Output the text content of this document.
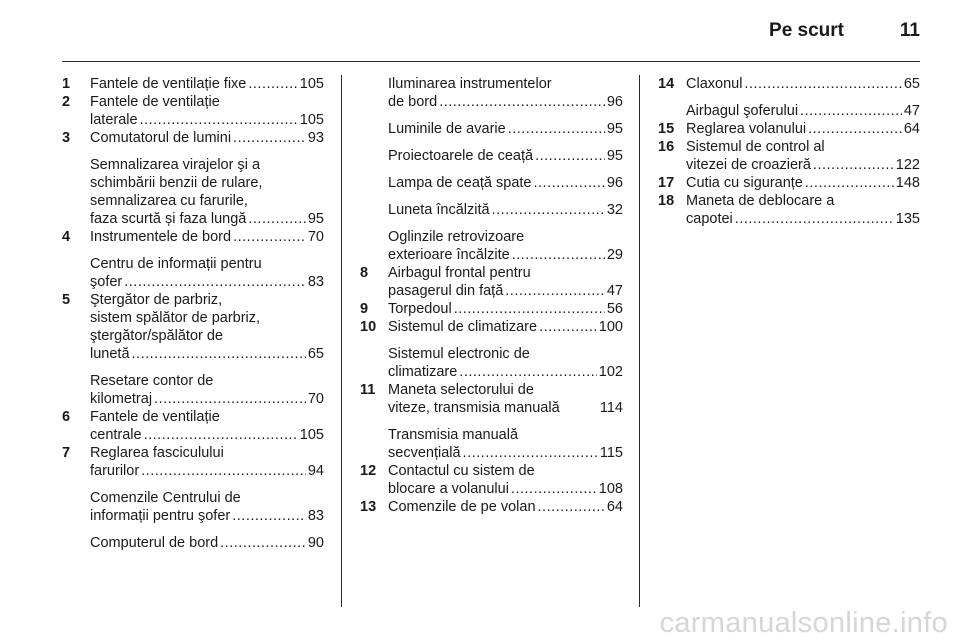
Pe scurt	11
1 Fantele de ventilație fixe .....	105
2 Fantele de ventilație
laterale .....	105
3 Comutatorul de lumini .....	93
Semnalizarea virajelor şi a
schimbării benzii de rulare,
semnalizarea cu farurile,
faza scurtă și faza lungă .....	95
4 Instrumentele de bord .....	70
Centru de informații pentru
şofer .....	83
5 Ştergător de parbriz,
sistem spălător de parbriz,
ştergător/spălător de
lunetă .....	65
Resetare contor de
kilometraj .....	70
6 Fantele de ventilație
centrale .....	105
7 Reglarea fasciculului
farurilor .....	94
Comenzile Centrului de
informații pentru şofer .....	83
Computerul de bord .....	90
Iluminarea instrumentelor
de bord .....	96
Luminile de avarie .....	95
Proiectoarele de ceață .....	95
Lampa de ceață spate .....	96
Luneta încălzită .....	32
Oglinzile retrovizoare
exterioare încălzite .....	29
8 Airbagul frontal pentru
pasagerul din față .....	47
9 Torpedoul .....	56
10 Sistemul de climatizare .....	100
Sistemul electronic de
climatizare .....	102
11 Maneta selectorului de
viteze, transmisia manuală	114
Transmisia manuală
secvențială .....	115
12 Contactul cu sistem de
blocare a volanului .....	108
13 Comenzile de pe volan .....	64
14 Claxonul .....	65
Airbagul şoferului .....	47
15 Reglarea volanului .....	64
16 Sistemul de control al
vitezei de croazieră .....	122
17 Cutia cu siguranțe .....	148
18 Maneta de deblocare a
capotei .....	135
carmanualsonline.info
